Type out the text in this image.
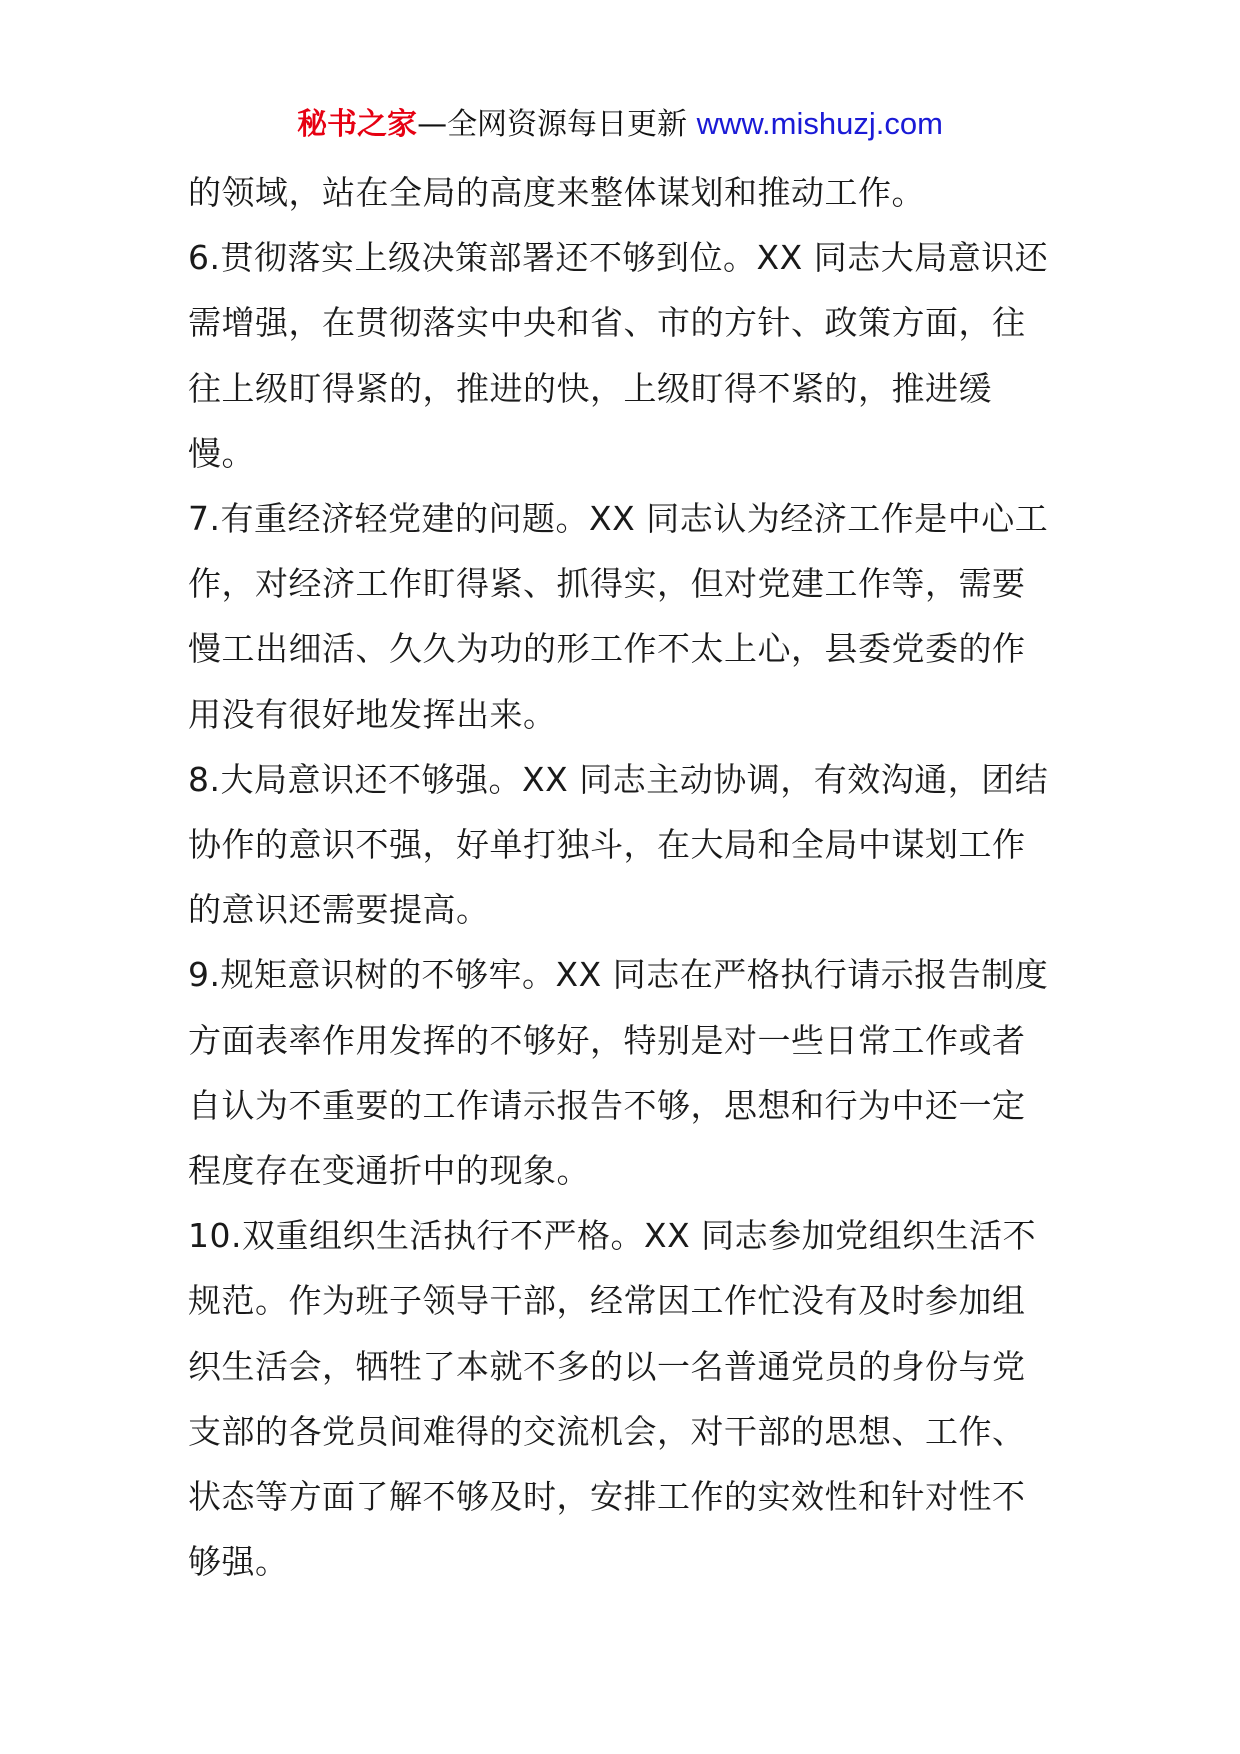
秘书之家—全网资源每日更新 www.mishuzj.com

的领域，站在全局的高度来整体谋划和推动工作。

6.贯彻落实上级决策部署还不够到位。XX 同志大局意识还需增强，在贯彻落实中央和省、市的方针、政策方面，往往上级盯得紧的，推进的快，上级盯得不紧的，推进缓慢。

7.有重经济轻党建的问题。XX 同志认为经济工作是中心工作，对经济工作盯得紧、抓得实，但对党建工作等，需要慢工出细活、久久为功的形工作不太上心，县委党委的作用没有很好地发挥出来。

8.大局意识还不够强。XX 同志主动协调，有效沟通，团结协作的意识不强，好单打独斗，在大局和全局中谋划工作的意识还需要提高。

9.规矩意识树的不够牢。XX 同志在严格执行请示报告制度方面表率作用发挥的不够好，特别是对一些日常工作或者自认为不重要的工作请示报告不够，思想和行为中还一定程度存在变通折中的现象。

10.双重组织生活执行不严格。XX 同志参加党组织生活不规范。作为班子领导干部，经常因工作忙没有及时参加组织生活会，牺牲了本就不多的以一名普通党员的身份与党支部的各党员间难得的交流机会，对干部的思想、工作、状态等方面了解不够及时，安排工作的实效性和针对性不够强。
